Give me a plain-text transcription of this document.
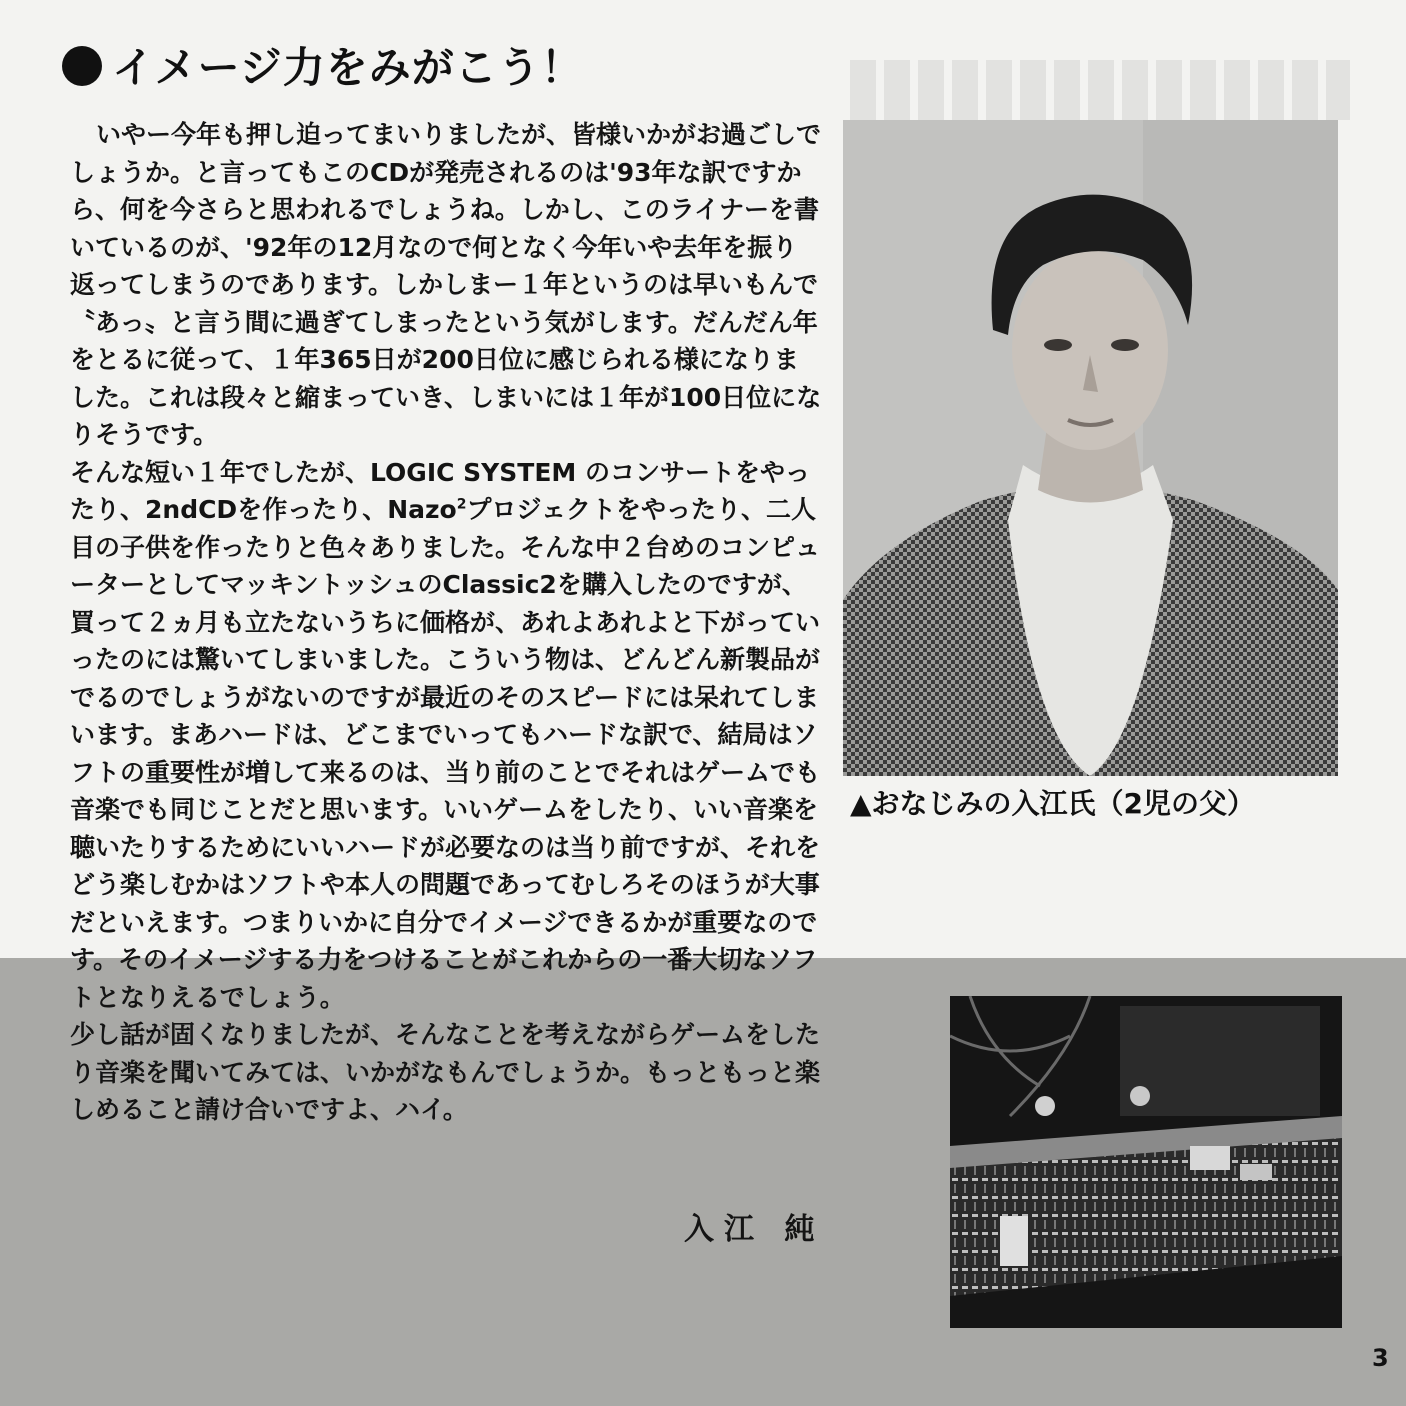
イメージ力をみがこう！

いやー今年も押し迫ってまいりましたが、皆様いかがお過ごしでしょうか。と言ってもこのCDが発売されるのは'93年な訳ですから、何を今さらと思われるでしょうね。しかし、このライナーを書いているのが、'92年の12月なので何となく今年いや去年を振り返ってしまうのであります。しかしまー１年というのは早いもんで〝あっ〟と言う間に過ぎてしまったという気がします。だんだん年をとるに従って、１年365日が200日位に感じられる様になりました。これは段々と縮まっていき、しまいには１年が100日位になりそうです。

そんな短い１年でしたが、LOGIC SYSTEM のコンサートをやったり、2ndCDを作ったり、Nazo$^2$プロジェクトをやったり、二人目の子供を作ったりと色々ありました。そんな中２台めのコンピューターとしてマッキントッシュのClassic2を購入したのですが、買って２ヵ月も立たないうちに価格が、あれよあれよと下がっていったのには驚いてしまいました。こういう物は、どんどん新製品がでるのでしょうがないのですが最近のそのスピードには呆れてしまいます。まあハードは、どこまでいってもハードな訳で、結局はソフトの重要性が増して来るのは、当り前のことでそれはゲームでも音楽でも同じことだと思います。いいゲームをしたり、いい音楽を聴いたりするためにいいハードが必要なのは当り前ですが、それをどう楽しむかはソフトや本人の問題であってむしろそのほうが大事だといえます。つまりいかに自分でイメージできるかが重要なのです。そのイメージする力をつけることがこれからの一番大切なソフトとなりえるでしょう。

少し話が固くなりましたが、そんなことを考えながらゲームをしたり音楽を聞いてみては、いかがなもんでしょうか。もっともっと楽しめること請け合いですよ、ハイ。

入江 純
▲おなじみの入江氏（2児の父）
3
